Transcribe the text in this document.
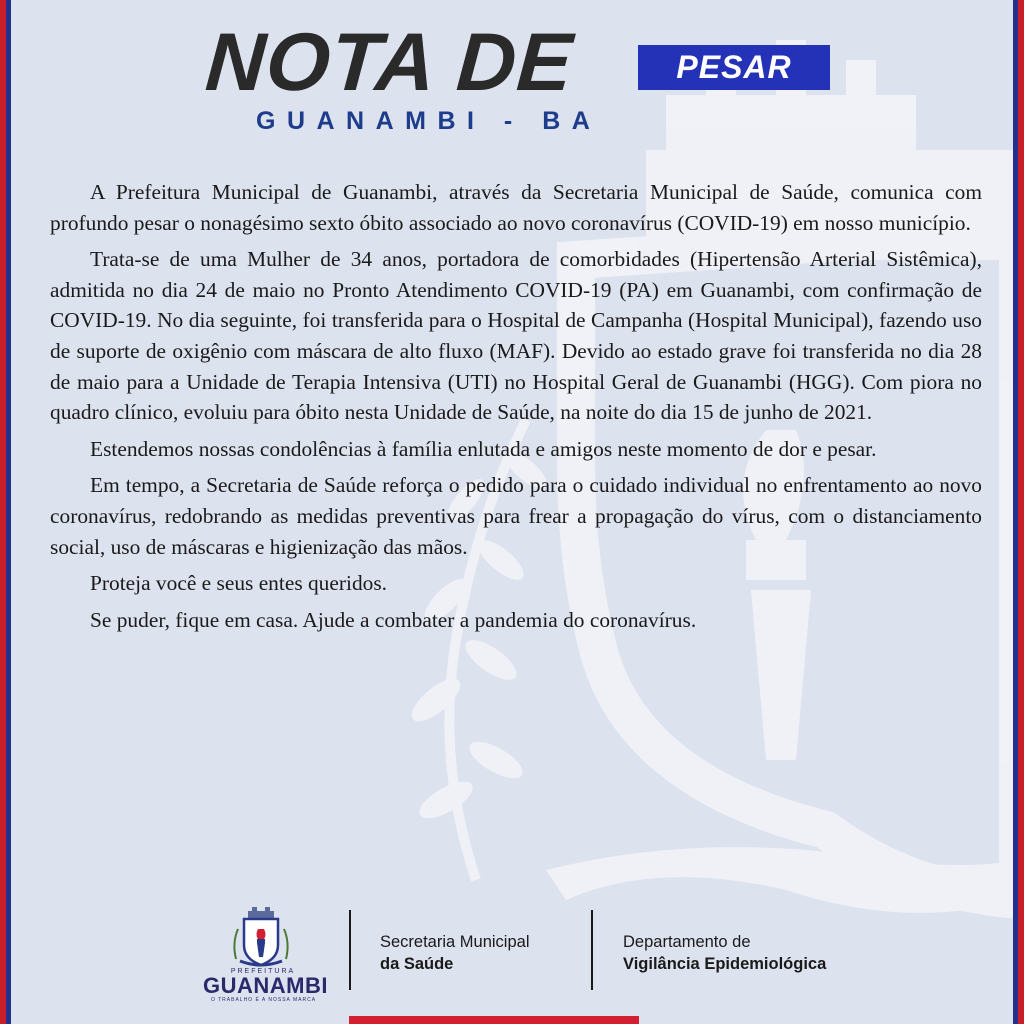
NOTA DE	PESAR
GUANAMBI - BA

A Prefeitura Municipal de Guanambi, através da Secretaria Municipal de Saúde, comunica com profundo pesar o nonagésimo sexto óbito associado ao novo coronavírus (COVID-19) em nosso município.

Trata-se de uma Mulher de 34 anos, portadora de comorbidades (Hipertensão Arterial Sistêmica), admitida no dia 24 de maio no Pronto Atendimento COVID-19 (PA) em Guanambi, com confirmação de COVID-19. No dia seguinte, foi transferida para o Hospital de Campanha (Hospital Municipal), fazendo uso de suporte de oxigênio com máscara de alto fluxo (MAF). Devido ao estado grave foi transferida no dia 28 de maio para a Unidade de Terapia Intensiva (UTI) no Hospital Geral de Guanambi (HGG). Com piora no quadro clínico, evoluiu para óbito nesta Unidade de Saúde, na noite do dia 15 de junho de 2021.

Estendemos nossas condolências à família enlutada e amigos neste momento de dor e pesar.

Em tempo, a Secretaria de Saúde reforça o pedido para o cuidado individual no enfrentamento ao novo coronavírus, redobrando as medidas preventivas para frear a propagação do vírus, com o distanciamento social, uso de máscaras e higienização das mãos.

Proteja você e seus entes queridos.

Se puder, fique em casa. Ajude a combater a pandemia do coronavírus.

PREFEITURA
GUANAMBI
O TRABALHO É A NOSSA MARCA
Secretaria Municipal
da Saúde
Departamento de
Vigilância Epidemiológica
